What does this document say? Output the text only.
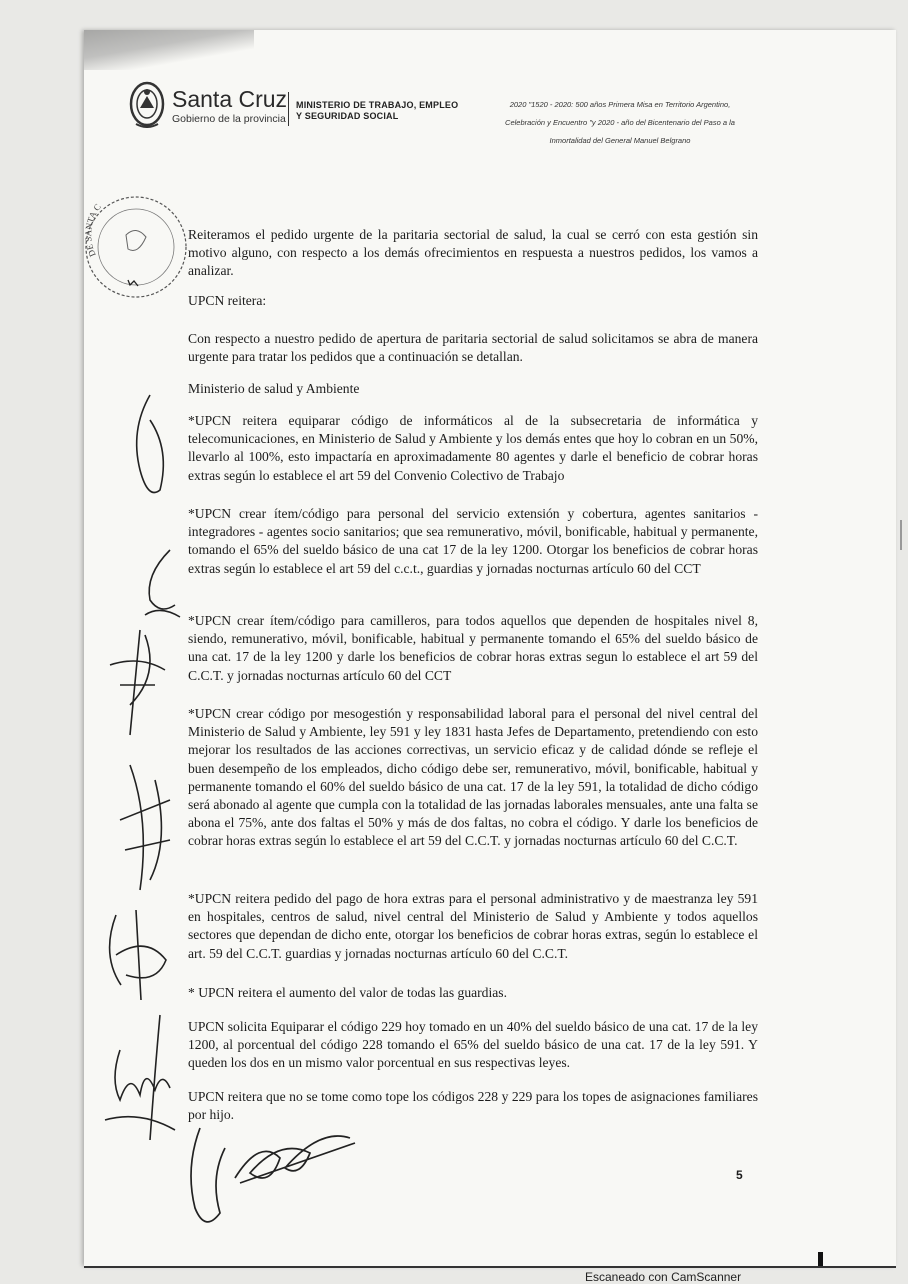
Santa Cruz
Gobierno de la provincia
MINISTERIO DE TRABAJO, EMPLEO
Y SEGURIDAD SOCIAL
2020 "1520 - 2020: 500 años Primera Misa en Territorio Argentino,
Celebración y Encuentro "y 2020 - año del Bicentenario del Paso a la
Inmortalidad del General Manuel Belgrano
DE SANTA C

Reiteramos el pedido urgente de la paritaria sectorial de salud, la cual se cerró con esta gestión sin motivo alguno, con respecto a los demás ofrecimientos en respuesta a nuestros pedidos, los vamos a analizar.

UPCN reitera:

Con respecto a nuestro pedido de apertura de paritaria sectorial de salud solicitamos se abra de manera urgente para tratar los pedidos que a continuación se detallan.

Ministerio de salud y Ambiente

*UPCN reitera equiparar código de informáticos al de la subsecretaria de informática y telecomunicaciones, en Ministerio de Salud y Ambiente y los demás entes que hoy lo cobran en un 50%, llevarlo al 100%, esto impactaría en aproximadamente 80 agentes y darle el beneficio de cobrar horas extras según lo establece el art 59 del Convenio Colectivo de Trabajo

*UPCN crear ítem/código para personal del servicio extensión y cobertura, agentes sanitarios - integradores - agentes socio sanitarios; que sea remunerativo, móvil, bonificable, habitual y permanente, tomando el 65% del sueldo básico de una cat 17 de la ley 1200. Otorgar los beneficios de cobrar horas extras según lo establece el art 59 del c.c.t., guardias y jornadas nocturnas artículo 60 del CCT

*UPCN crear ítem/código para camilleros, para todos aquellos que dependen de hospitales nivel 8, siendo, remunerativo, móvil, bonificable, habitual y permanente tomando el 65% del sueldo básico de una cat. 17 de la ley 1200 y darle los beneficios de cobrar horas extras segun lo establece el art 59 del C.C.T. y jornadas nocturnas artículo 60 del CCT

*UPCN crear código por mesogestión y responsabilidad laboral para el personal del nivel central del Ministerio de Salud y Ambiente, ley 591 y ley 1831 hasta Jefes de Departamento, pretendiendo con esto mejorar los resultados de las acciones correctivas, un servicio eficaz y de calidad dónde se refleje el buen desempeño de los empleados, dicho código debe ser, remunerativo, móvil, bonificable, habitual y permanente tomando el 60% del sueldo básico de una cat. 17 de la ley 591, la totalidad de dicho código será abonado al agente que cumpla con la totalidad de las jornadas laborales mensuales, ante una falta se abona el 75%, ante dos faltas el 50% y más de dos faltas, no cobra el código. Y darle los beneficios de cobrar horas extras según lo establece el art 59 del C.C.T. y jornadas nocturnas artículo 60 del C.C.T.

*UPCN reitera pedido del pago de hora extras para el personal administrativo y de maestranza ley 591 en hospitales, centros de salud, nivel central del Ministerio de Salud y Ambiente y todos aquellos sectores que dependan de dicho ente, otorgar los beneficios de cobrar horas extras, según lo establece el art. 59 del C.C.T. guardias y jornadas nocturnas artículo 60 del C.C.T.

* UPCN reitera el aumento del valor de todas las guardias.

UPCN solicita Equiparar el código 229 hoy tomado en un 40% del sueldo básico de una cat. 17 de la ley 1200, al porcentual del código 228 tomando el 65% del sueldo básico de una cat. 17 de la ley 591. Y queden los dos en un mismo valor porcentual en sus respectivas leyes.

UPCN reitera que no se tome como tope los códigos 228 y 229 para los topes de asignaciones familiares por hijo.

5
Escaneado con CamScanner
